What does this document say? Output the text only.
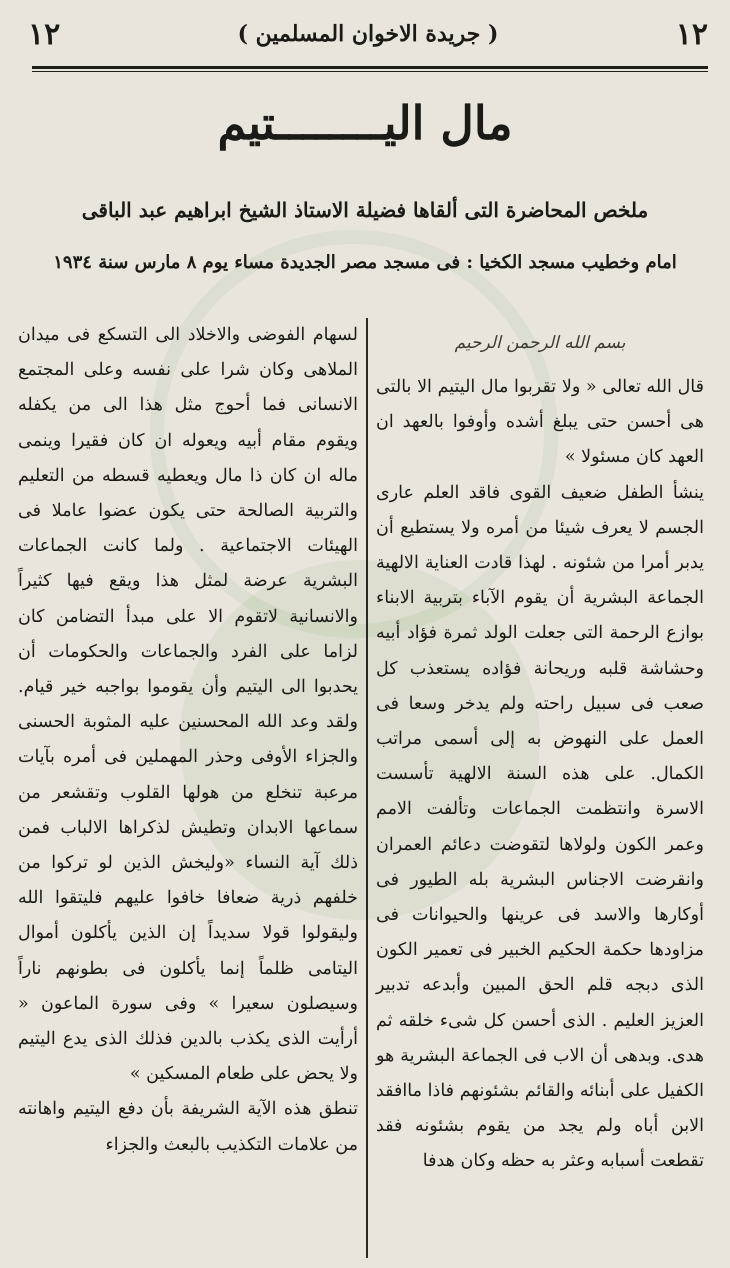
١٢
( جريدة الاخوان المسلمين )
١٢
مال اليــــــــتيم
ملخص المحاضرة التى ألقاها فضيلة الاستاذ الشيخ ابراهيم عبد الباقى
امام وخطيب مسجد الكخيا : فى مسجد مصر الجديدة مساء يوم ٨ مارس سنة ١٩٣٤
بسم الله الرحمن الرحيم

قال الله تعالى « ولا تقربوا مال اليتيم الا بالتى هى أحسن حتى يبلغ أشده وأوفوا بالعهد ان العهد كان مسئولا »

ينشأ الطفل ضعيف القوى فاقد العلم عارى الجسم لا يعرف شيئا من أمره ولا يستطيع أن يدبر أمرا من شئونه . لهذا قادت العناية الالهية الجماعة البشرية أن يقوم الآباء بتربية الابناء بوازع الرحمة التى جعلت الولد ثمرة فؤاد أبيه وحشاشة قلبه وريحانة فؤاده يستعذب كل صعب فى سبيل راحته ولم يدخر وسعا فى العمل على النهوض به إلى أسمى مراتب الكمال. على هذه السنة الالهية تأسست الاسرة وانتظمت الجماعات وتألفت الامم وعمر الكون ولولاها لتقوضت دعائم العمران وانقرضت الاجناس البشرية بله الطيور فى أوكارها والاسد فى عرينها والحيوانات فى مزاودها حكمة الحكيم الخبير فى تعمير الكون الذى دبجه قلم الحق المبين وأبدعه تدبير العزيز العليم . الذى أحسن كل شىء خلقه ثم هدى. وبدهى أن الاب فى الجماعة البشرية هو الكفيل على أبنائه والقائم بشئونهم فاذا ماافقد الابن أباه ولم يجد من يقوم بشئونه فقد تقطعت أسبابه وعثر به حظه وكان هدفا

لسهام الفوضى والاخلاد الى التسكع فى ميدان الملاهى وكان شرا على نفسه وعلى المجتمع الانسانى فما أحوج مثل هذا الى من يكفله ويقوم مقام أبيه ويعوله ان كان فقيرا وينمى ماله ان كان ذا مال ويعطيه قسطه من التعليم والتربية الصالحة حتى يكون عضوا عاملا فى الهيئات الاجتماعية . ولما كانت الجماعات البشرية عرضة لمثل هذا ويقع فيها كثيراً والانسانية لاتقوم الا على مبدأ التضامن كان لزاما على الفرد والجماعات والحكومات أن يحدبوا الى اليتيم وأن يقوموا بواجبه خير قيام. ولقد وعد الله المحسنين عليه المثوبة الحسنى والجزاء الأوفى وحذر المهملين فى أمره بآيات مرعبة تنخلع من هولها القلوب وتقشعر من سماعها الابدان وتطيش لذكراها الالباب فمن ذلك آية النساء «وليخش الذين لو تركوا من خلفهم ذرية ضعافا خافوا عليهم فليتقوا الله وليقولوا قولا سديداً إن الذين يأكلون أموال اليتامى ظلماً إنما يأكلون فى بطونهم ناراً وسيصلون سعيرا » وفى سورة الماعون « أرأيت الذى يكذب بالدين فذلك الذى يدع اليتيم ولا يحض على طعام المسكين »

تنطق هذه الآية الشريفة بأن دفع اليتيم واهانته من علامات التكذيب بالبعث والجزاء
